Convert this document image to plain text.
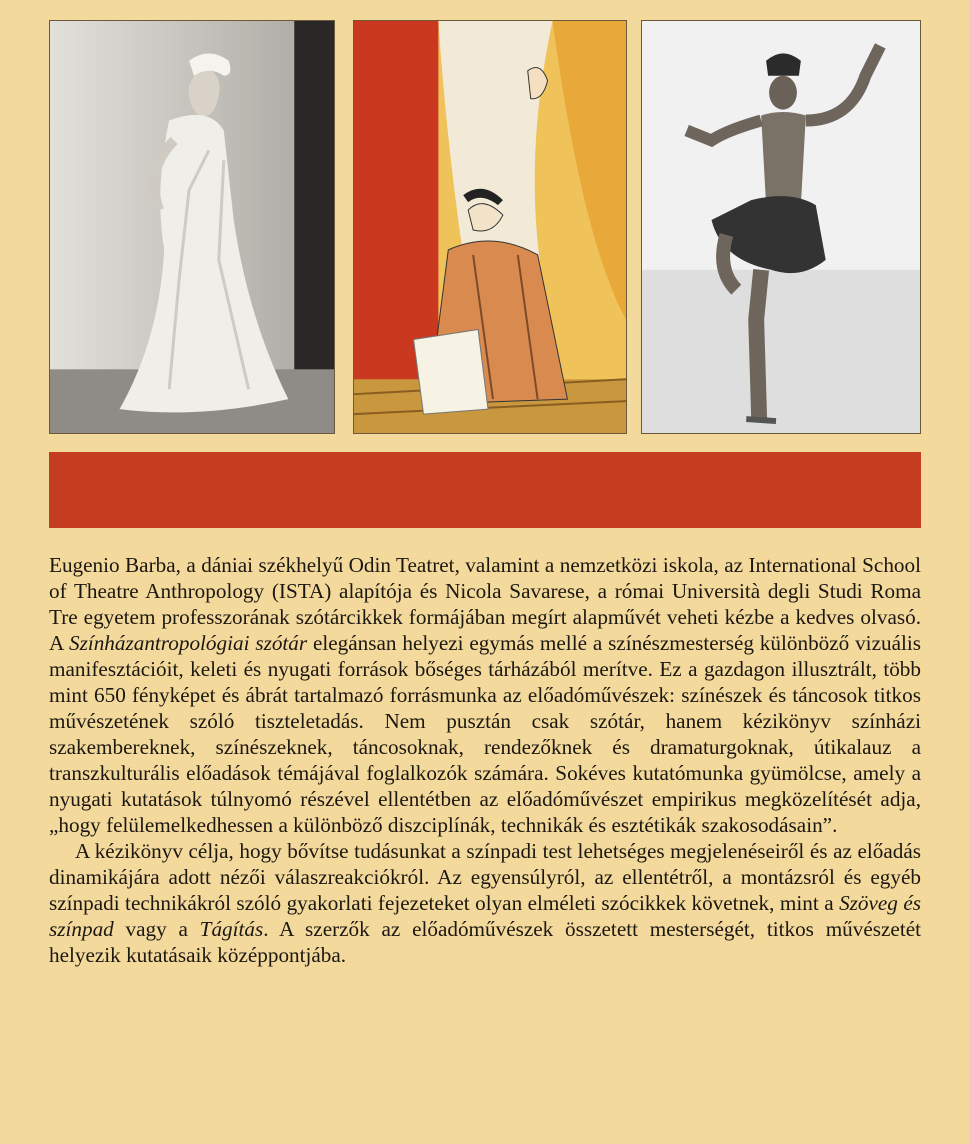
Eugenio Barba, a dániai székhelyű Odin Teatret, valamint a nemzetközi iskola, az International School of Theatre Anthropology (ISTA) alapítója és Nicola Savarese, a római Università degli Studi Roma Tre egyetem professzorának szótárcikkek formájában megírt alapművét veheti kézbe a kedves olvasó. A Színházantropológiai szótár elegánsan helyezi egymás mellé a színészmesterség különböző vizuális manifesztációit, keleti és nyugati források bőséges tárházából merítve. Ez a gazdagon illusztrált, több mint 650 fényképet és ábrát tartalmazó forrásmunka az előadóművészek: színészek és táncosok titkos művészetének szóló tiszteletadás. Nem pusztán csak szótár, hanem kézikönyv színházi szakembereknek, színészeknek, táncosoknak, rendezőknek és dramaturgoknak, útikalauz a transzkulturális előadások témájával foglalkozók számára. Sokéves kutatómunka gyümölcse, amely a nyugati kutatások túlnyomó részével ellentétben az előadóművészet empirikus megközelítését adja, „hogy felülemelkedhessen a különböző diszciplínák, technikák és esztétikák szakosodásain”.

A kézikönyv célja, hogy bővítse tudásunkat a színpadi test lehetséges megjelenéseiről és az előadás dinamikájára adott nézői válaszreakciókról. Az egyensúlyról, az ellentétről, a montázsról és egyéb színpadi technikákról szóló gyakorlati fejezeteket olyan elméleti szócikkek követnek, mint a Szöveg és színpad vagy a Tágítás. A szerzők az előadóművészek összetett mesterségét, titkos művészetét helyezik kutatásaik középpontjába.
